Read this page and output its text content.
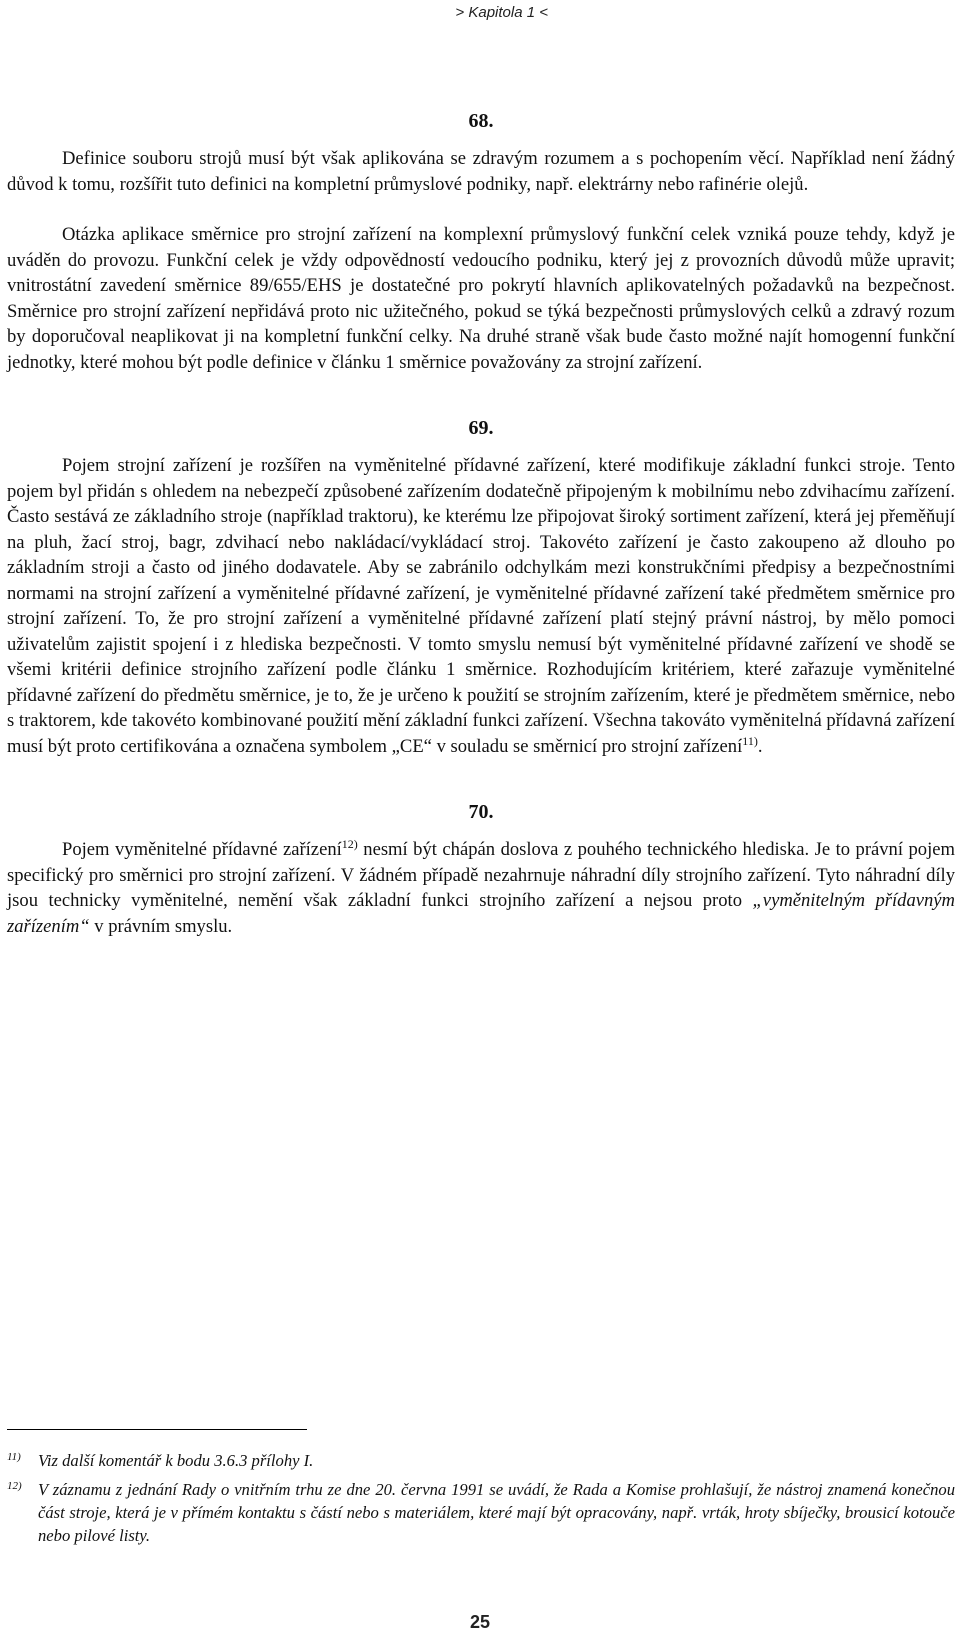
> Kapitola 1 <
68.

Definice souboru strojů musí být však aplikována se zdravým rozumem a s pochopením věcí. Například není žádný důvod k tomu, rozšířit tuto definici na kompletní průmyslové podniky, např. elektrárny nebo rafinérie olejů.

Otázka aplikace směrnice pro strojní zařízení na komplexní průmyslový funkční celek vzniká pouze tehdy, když je uváděn do provozu. Funkční celek je vždy odpovědností vedoucího podniku, který jej z provozních důvodů může upravit; vnitrostátní zavedení směrnice 89/655/EHS je dostatečné pro pokrytí hlavních aplikovatelných požadavků na bezpečnost. Směrnice pro strojní zařízení nepřidává proto nic užitečného, pokud se týká bezpečnosti průmyslových celků a zdravý rozum by doporučoval neaplikovat ji na kompletní funkční celky. Na druhé straně však bude často možné najít homogenní funkční jednotky, které mohou být podle definice v článku 1 směrnice považovány za strojní zařízení.

69.

Pojem strojní zařízení je rozšířen na vyměnitelné přídavné zařízení, které modifikuje základní funkci stroje. Tento pojem byl přidán s ohledem na nebezpečí způsobené zařízením dodatečně připojeným k mobilnímu nebo zdvihacímu zařízení. Často sestává ze základního stroje (například traktoru), ke kterému lze připojovat široký sortiment zařízení, která jej přeměňují na pluh, žací stroj, bagr, zdvihací nebo nakládací/vykládací stroj. Takovéto zařízení je často zakoupeno až dlouho po základním stroji a často od jiného dodavatele. Aby se zabránilo odchylkám mezi konstrukčními předpisy a bezpečnostními normami na strojní zařízení a vyměnitelné přídavné zařízení, je vyměnitelné přídavné zařízení také předmětem směrnice pro strojní zařízení. To, že pro strojní zařízení a vyměnitelné přídavné zařízení platí stejný právní nástroj, by mělo pomoci uživatelům zajistit spojení i z hlediska bezpečnosti. V tomto smyslu nemusí být vyměnitelné přídavné zařízení ve shodě se všemi kritérii definice strojního zařízení podle článku 1 směrnice. Rozhodujícím kritériem, které zařazuje vyměnitelné přídavné zařízení do předmětu směrnice, je to, že je určeno k použití se strojním zařízením, které je předmětem směrnice, nebo s traktorem, kde takovéto kombinované použití mění základní funkci zařízení. Všechna takováto vyměnitelná přídavná zařízení musí být proto certifikována a označena symbolem „CE“ v souladu se směrnicí pro strojní zařízení$^{11)}$.

70.

Pojem vyměnitelné přídavné zařízení$^{12)}$ nesmí být chápán doslova z pouhého technického hlediska. Je to právní pojem specifický pro směrnici pro strojní zařízení. V žádném případě nezahrnuje náhradní díly strojního zařízení. Tyto náhradní díly jsou technicky vyměnitelné, nemění však základní funkci strojního zařízení a nejsou proto „vyměnitelným přídavným zařízením“ v právním smyslu.

11)	Viz další komentář k bodu 3.6.3 přílohy I.
12) V záznamu z jednání Rady o vnitřním trhu ze dne 20. června 1991 se uvádí, že Rada a Komise prohlašují, že nástroj znamená konečnou část stroje, která je v přímém kontaktu s částí nebo s materiálem, které mají být opracovány, např. vrták, hroty sbíječky, brousicí kotouče nebo pilové listy.
25
